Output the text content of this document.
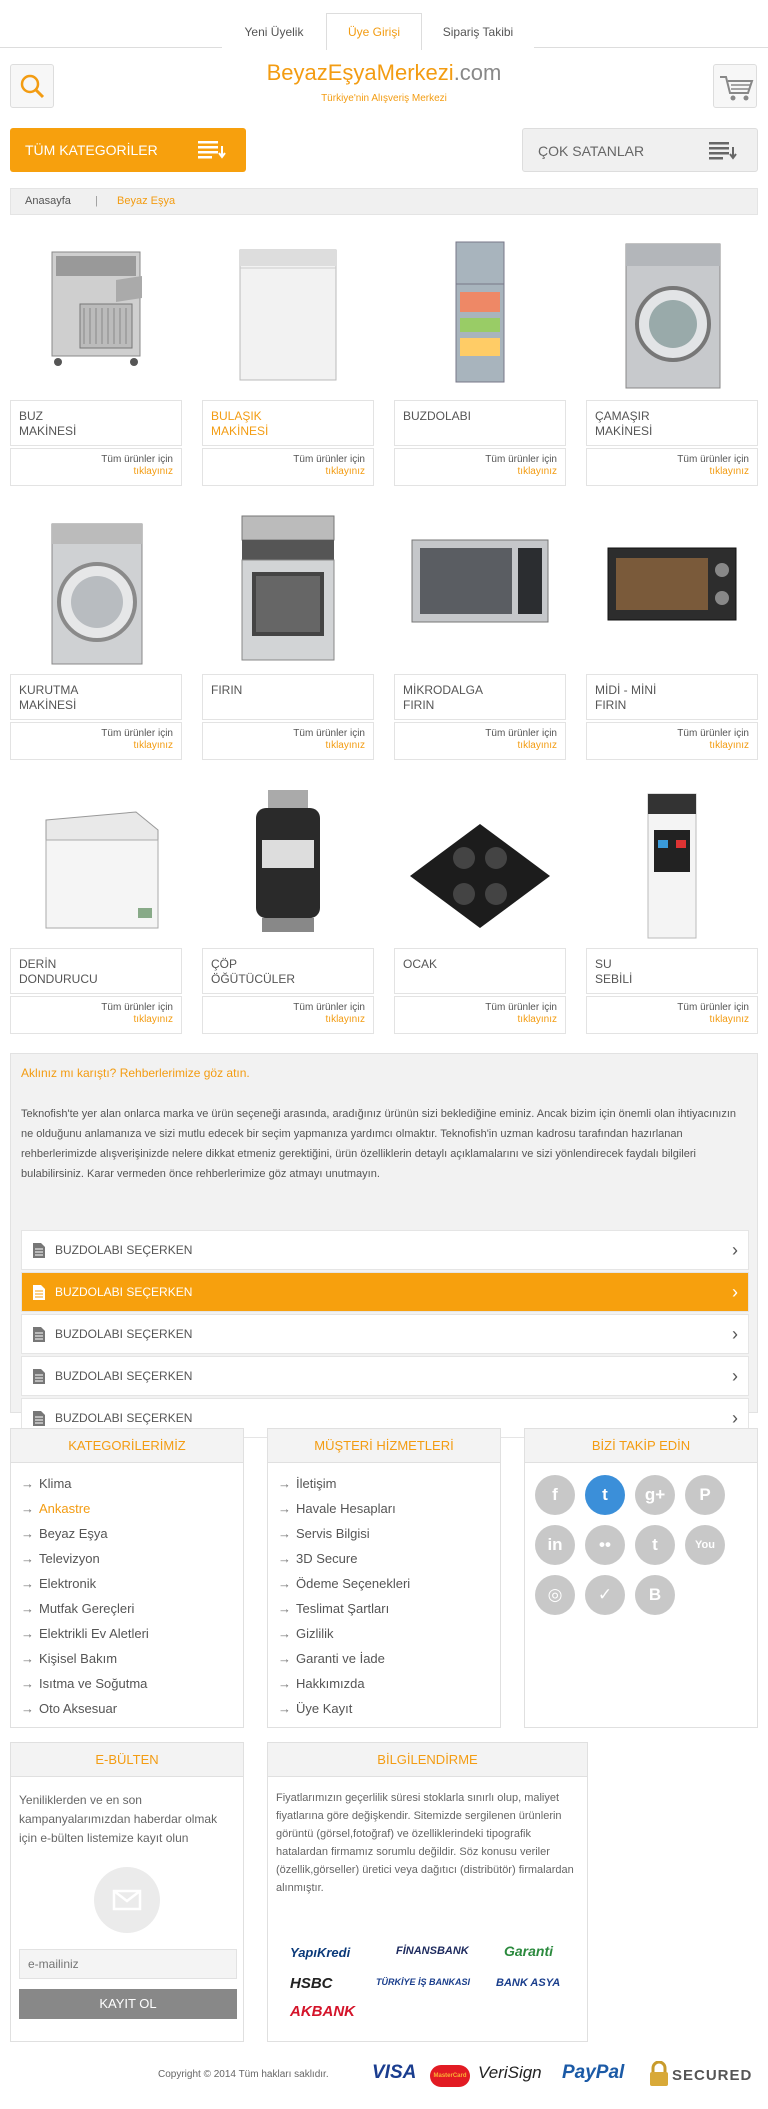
Yeni Üyelik	Üye Girişi	Sipariş Takibi
BeyazEşyaMerkezi.com
Türkiye'nin Alışveriş Merkezi
TÜM KATEGORİLER	ÇOK SATANLAR
Anasayfa | Beyaz Eşya
BUZ
MAKİNESİ
Tüm ürünler için
tıklayınız
BULAŞIK
MAKİNESİ
Tüm ürünler için
tıklayınız
BUZDOLABI

Tüm ürünler için
tıklayınız
ÇAMAŞIR
MAKİNESİ
Tüm ürünler için
tıklayınız
KURUTMA
MAKİNESİ
Tüm ürünler için
tıklayınız
FIRIN

Tüm ürünler için
tıklayınız
MİKRODALGA
FIRIN
Tüm ürünler için
tıklayınız
MİDİ - MİNİ
FIRIN
Tüm ürünler için
tıklayınız
DERİN
DONDURUCU
Tüm ürünler için
tıklayınız
ÇÖP
ÖĞÜTÜCÜLER
Tüm ürünler için
tıklayınız
OCAK

Tüm ürünler için
tıklayınız
SU
SEBİLİ
Tüm ürünler için
tıklayınız
Aklınız mı karıştı? Rehberlerimize göz atın.

Teknofish'te yer alan onlarca marka ve ürün seçeneği arasında, aradığınız ürünün sizi beklediğine eminiz. Ancak bizim için önemli olan ihtiyacınızın ne olduğunu anlamanıza ve sizi mutlu edecek bir seçim yapmanıza yardımcı olmaktır. Teknofish'in uzman kadrosu tarafından hazırlanan rehberlerimizde alışverişinizde nelere dikkat etmeniz gerektiğini, ürün özelliklerin detaylı açıklamalarını ve sizi yönlendirecek faydalı bilgileri bulabilirsiniz. Karar vermeden önce rehberlerimize göz atmayı unutmayın.

BUZDOLABI SEÇERKEN	›
BUZDOLABI SEÇERKEN	›
BUZDOLABI SEÇERKEN	›
BUZDOLABI SEÇERKEN	›
BUZDOLABI SEÇERKEN	›
KATEGORİLERİMİZ
→ Klima
→ Ankastre
→ Beyaz Eşya
→ Televizyon
→ Elektronik
→ Mutfak Gereçleri
→ Elektrikli Ev Aletleri
→ Kişisel Bakım
→ Isıtma ve Soğutma
→ Oto Aksesuar
MÜŞTERİ HİZMETLERİ
→ İletişim
→ Havale Hesapları
→ Servis Bilgisi
→ 3D Secure
→ Ödeme Seçenekleri
→ Teslimat Şartları
→ Gizlilik
→ Garanti ve İade
→ Hakkımızda
→ Üye Kayıt
BİZİ TAKİP EDİN
f	t	g+	P
in	••	t	You
◎	✓	B
E-BÜLTEN
Yeniliklerden ve en son kampanyalarımızdan haberdar olmak için e-bülten listemize kayıt olun
e-mailiniz
KAYIT OL
BİLGİLENDİRME
Fiyatlarımızın geçerlilik süresi stoklarla sınırlı olup, maliyet fiyatlarına göre değişkendir. Sitemizde sergilenen ürünlerin görüntü (görsel,fotoğraf) ve özelliklerindeki tipografik hatalardan firmamız sorumlu değildir. Söz konusu veriler (özellik,görseller) üretici veya dağıtıcı (distribütör) firmalardan alınmıştır.
YapıKredi	FİNANSBANK	Garanti
HSBC	TÜRKİYE İŞ BANKASI BANK ASYA
AKBANK
Copyright © 2014 Tüm hakları saklıdır. VISA	MasterCard VeriSign PayPal	SECURED
